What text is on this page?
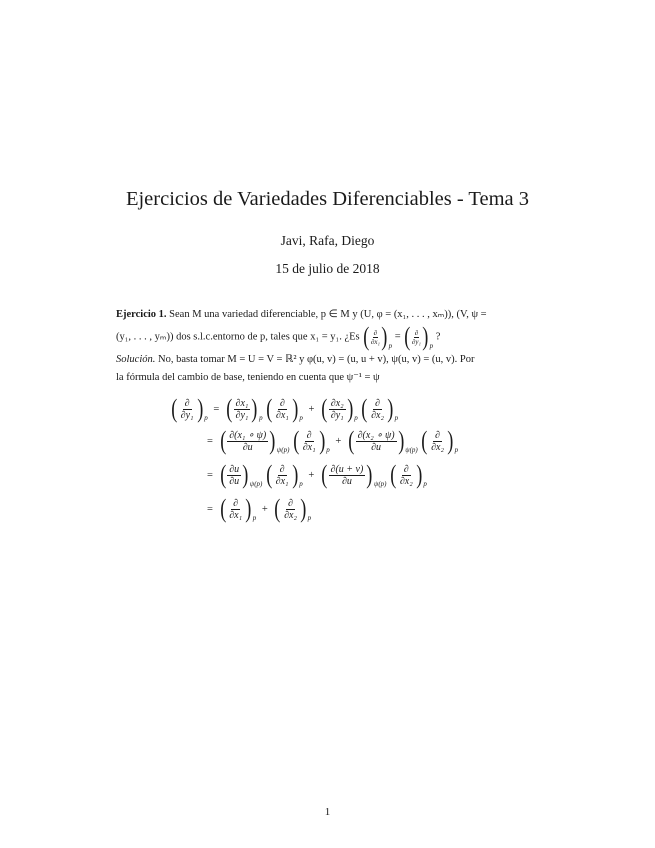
Ejercicios de Variedades Diferenciables - Tema 3
Javi, Rafa, Diego
15 de julio de 2018
Ejercicio 1. Sean M una variedad diferenciable, p ∈ M y (U, φ = (x₁, . . . , xₘ)), (V, ψ =
(y₁, . . . , yₘ)) dos s.l.c.entorno de p, tales que x₁ = y₁. ¿Es ( ∂
∂x₁ ) p
= ( ∂
∂y₁ ) p
?
Solución. No, basta tomar M = U = V = ℝ² y φ(u, v) = (u, u + v), ψ(u, v) = (u, v). Por
la fórmula del cambio de base, teniendo en cuenta que ψ⁻¹ = ψ
( ∂
∂y₁ ) p
= ( ∂x₁
∂y₁ ) p
( ∂
∂x₁ ) p
+ ( ∂x₂
∂y₁ ) p
( ∂
∂x₂ ) p
= ( ∂(x₁ ∘ ψ)
∂u ) ψ(p)
( ∂
∂x₁ ) p
+ ( ∂(x₂ ∘ ψ)
∂u ) ψ(p)
( ∂
∂x₂ ) p
= ( ∂u
∂u ) ψ(p)
( ∂
∂x₁ ) p
+ ( ∂(u + v)
∂u ) ψ(p)
( ∂
∂x₂ ) p
= ( ∂
∂x₁ ) p
+ ( ∂
∂x₂ ) p
1
